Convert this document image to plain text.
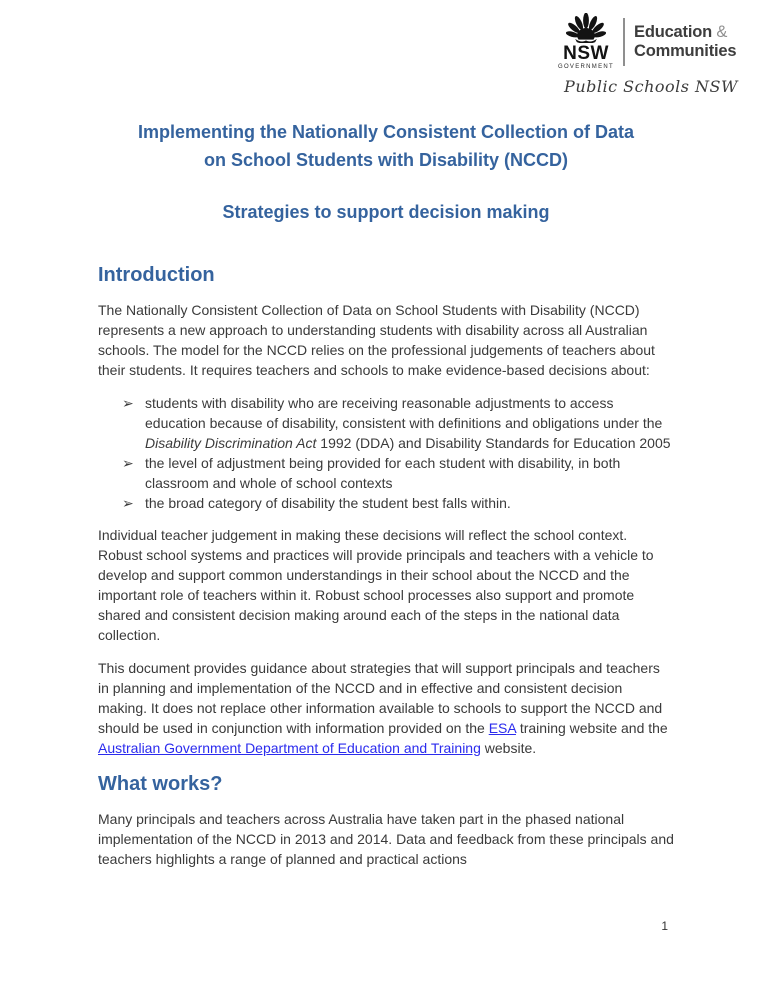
NSW
GOVERNMENT
Education &
Communities
Public Schools NSW
Implementing the Nationally Consistent Collection of Data
on School Students with Disability (NCCD)
Strategies to support decision making
Introduction

The Nationally Consistent Collection of Data on School Students with Disability (NCCD) represents a new approach to understanding students with disability across all Australian schools. The model for the NCCD relies on the professional judgements of teachers about their students. It requires teachers and schools to make evidence-based decisions about:

➢ students with disability who are receiving reasonable adjustments to access education because of disability, consistent with definitions and obligations under the Disability Discrimination Act 1992 (DDA) and Disability Standards for Education 2005
➢ the level of adjustment being provided for each student with disability, in both classroom and whole of school contexts
➢ the broad category of disability the student best falls within.

Individual teacher judgement in making these decisions will reflect the school context. Robust school systems and practices will provide principals and teachers with a vehicle to develop and support common understandings in their school about the NCCD and the important role of teachers within it. Robust school processes also support and promote shared and consistent decision making around each of the steps in the national data collection.

This document provides guidance about strategies that will support principals and teachers in planning and implementation of the NCCD and in effective and consistent decision making. It does not replace other information available to schools to support the NCCD and should be used in conjunction with information provided on the ESA training website and the Australian Government Department of Education and Training website.

What works?

Many principals and teachers across Australia have taken part in the phased national implementation of the NCCD in 2013 and 2014. Data and feedback from these principals and teachers highlights a range of planned and practical actions

1
